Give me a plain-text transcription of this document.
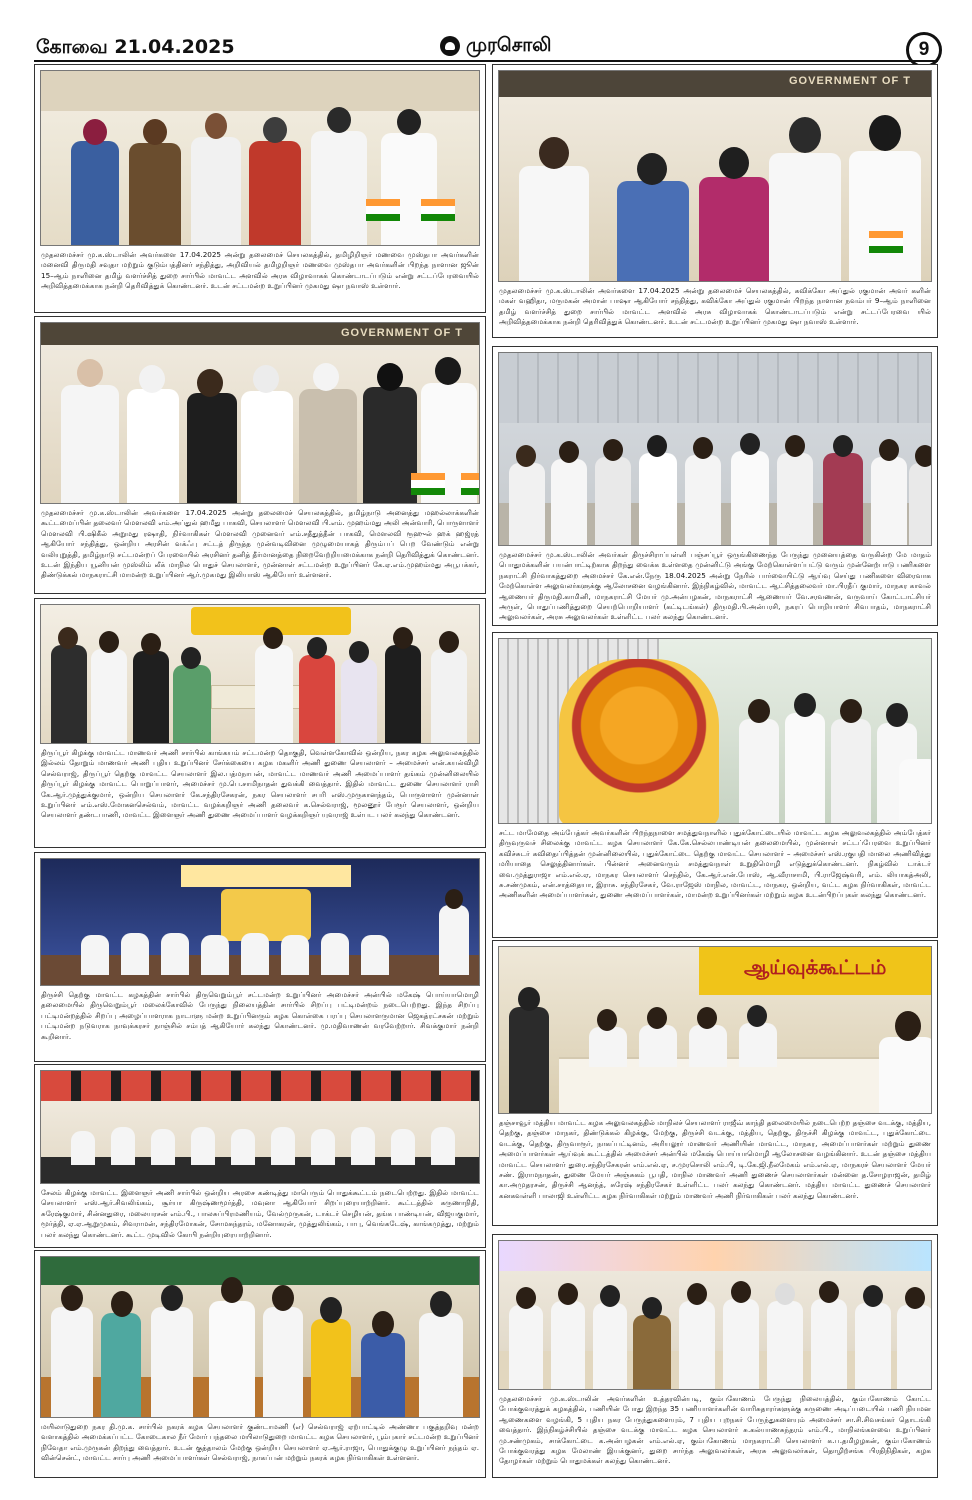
கோவை 21.04.2025	முரசொலி	9
முதலமைச்சர் மு.க.ஸ்டாலின் அவர்களை 17.04.2025 அன்று தலைமைச் செயலகத்தில், தமிழிறிஞர் மணவை முஸ்தபா அவர்களின் மனைவி திருமதி சவுதா மற்றும் குடும்பத்தினர் சந்தித்து, அறிவியல் தமிழறிஞர் மணவை முஸ்தபா அவர்களின் பிறந்த நாளான ஜூன் 15–ஆம் நாளினை தமிழ் வளர்ச்சித் துறை சார்பில் மாவட்ட அளவில் அரசு விழாவாகக் கொண்டாடப்படும் என்று சட்டப்பேரவையில் அறிவித்தமைக்காக நன்றி தெரிவித்துக் கொண்டனர். உடன் சட்டமன்ற உறுப்பினர் முகமது ஷா நவாஸ் உள்ளார்.
GOVERNMENT OF T
முதலமைச்சர் மு.க.ஸ்டாலின் அவர்களை 17.04.2025 அன்று தலைமைச் செயலகத்தில், கவிக்கோ அப்துல் ரகுமான் அவர் களின் மகள் வஹிதா, மருமகன் அமான் பாஷா ஆகியோர் சந்தித்து, கவிக்கோ அப்துல் ரகுமான் பிறந்த நாளான நவம்பர் 9–ஆம் நாளினை தமிழ் வளர்ச்சித் துறை சார்பில் மாவட்ட அளவில் அரசு விழாவாகக் கொண்டாடப்படும் என்று சட்டப்பேரவை யில் அறிவித்தமைக்காக நன்றி தெரிவித்துக் கொண்டனர். உடன் சட்டமன்ற உறுப்பினர் முகமது ஷா நவாஸ் உள்ளார்.
GOVERNMENT OF T
முதலமைச்சர் மு.க.ஸ்டாலின் அவர்களை 17.04.2025 அன்று தலைமைச் செயலகத்தில், தமிழ்நாடு அனைத்து மஹல்லாக்களின் கூட்டமைப்பின் தலைவர் மௌலவி எம்.அப்துல் ஹமீது பாகவி, செயலாளர் மௌலவி பி.எம். முஹம்மது அலி அன்வாரி, பொருளாளர் மௌலவி பி.ஷிகீல் அறுமது ரஷாதி, நிர்வாகிகள் மௌலவி முனைவர் எம்.சதீதுத்தீன் பாகவி, மௌலவி ரூஹுல் ஹக் ஹஜ்ரத் ஆகியோர் சந்தித்து, ஒன்றிய அரசின் வக்ஃபு சட்டத் திருத்த முன்வடிவினை முழுமையாகத் திரும்பப் பெற வேண்டும் என்று வலியுறுத்தி, தமிழ்நாடு சட்டமன்றப் பேரவையில் அரசினர் தனித் தீர்மானத்தை நிறைவேற்றியமைக்காக நன்றி தெரிவித்துக் கொண்டனர். உடன் இந்திய யூனியன் முஸ்லிம் லீக் மாநில பொதுச் செயலாளர், முன்னாள் சட்டமன்ற உறுப்பினர் கே.ஏ.எம்.முஹம்மது அபூபக்கர், திண்டுக்கல் மாநகராட்சி மாமன்ற உறுப்பினர் ஆர்.முகமது இலியாஸ் ஆகியோர் உள்ளனர்.
முதலமைச்சர் மு.க.ஸ்டாலின் அவர்கள் திருச்சிராப்பள்ளி பஞ்சப்பூர் ஒருங்கிணைந்த பேருந்து முனையத்தை வருகின்ற மே மாதம் பொதுமக்களின் பயன்பாட்டிற்காக திறந்து வைக்க உள்ளதை முன்னிட்டு அங்கு மேற்கொள்ளப்பட்டு வரும் முன்னேற்பாடு பணிகளை நகராட்சி நிர்வாகத்துறை அமைச்சர் கே.என்.நேரு 18.04.2025 அன்று நேரில் பார்வையிட்டு ஆய்வு செய்து பணிகளை விரைவாக மேற்கொள்ள அலுவலர்களுக்கு ஆலோசனை வழங்கினார். இந்நிகழ்வில், மாவட்ட ஆட்சித்தலைவர் மா.பிரதீப் குமார், மாநகர காவல் ஆணையர் திருமதி.காமினி, மாநகராட்சி மேயர் மு.அன்பழகன், மாநகராட்சி ஆணையர் வே.சரவணன், வருவாய் கோட்டாட்சியர் அருள், பொதுப்பணித்துறை செயற்பொறியாளர் (கட்டிடங்கள்) திருமதி.பி.அன்பரசி, நகரப் பொறியாளர் சிவபாதம், மாநகராட்சி அலுவலர்கள், அரசு அலுவலர்கள் உள்ளிட்ட பலர் கலந்து கொண்டனர்.
திருப்பூர் கிழக்கு மாவட்ட மாணவர் அணி சார்பில் காங்கயம் சட்டமன்ற தொகுதி, வெள்ளகோவில் ஒன்றிய, நகர கழக அலுவலகத்தில் இல்லம் தோறும் மாணவர் அணி புதிய உறுப்பினர் சேர்க்கையை கழக மகளிர் அணி துணை செயலாளர் – அமைச்சர் என்.கயல்விழி செல்வராஜ், திருப்பூர் தெற்கு மாவட்ட செயலாளர் இல.பத்மநாபன், மாவட்ட மாணவர் அணி அமைப்பாளர் தங்கம் முன்னிலையில் திருப்பூர் கிழக்கு மாவட்ட பொறுப்பாளர், அமைச்சர் மு.பெ.சாமிநாதன் துவக்கி வைத்தார். இதில் மாவட்ட துணை செயலாளர் ராசி கே.ஆர்.முத்துக்குமார், ஒன்றிய செயலாளர் கே.சந்திரசேகரன், நகர செயலாளர் சபரி எஸ்.முருகானந்தம், பொருளாளர் முன்னாள் உறுப்பினர் எம்.எஸ்.மோகனசெல்வம், மாவட்ட வழக்கறிஞர் அணி தலைவர் க.செல்வராஜ், மூலனூர் பேரூர் செயலாளர், ஒன்றிய செயலாளர் தண்டபாணி, மாவட்ட இளைஞர் அணி துணை அமைப்பாளர் வழக்கறிஞர் யுவராஜ் உள்பட பலர் கலந்து கொண்டனர்.
சட்ட மாமேதை அம்பேத்கர் அவர்களின் பிறந்தநாளை சமத்துவநாளில் புதுக்கோட்டையில் மாவட்ட கழக அலுவலகத்தில் அம்பேத்கர் திருவுருவச் சிலைக்கு மாவட்ட கழக செயலாளர் கே.கே.செல்லபாண்டியன் தலைமையில், முன்னாள் சட்டப்பேரவை உறுப்பினர் கவிச்சுடர் கவிதைப்பித்தன் முன்னிலையில், புதுக்கோட்டை தெற்கு மாவட்ட செயலாளர் – அமைச்சர் எஸ்.ரகுபதி மாலை அணிவித்து மரியாதை செலுத்தினார்கள். பின்னர் அனைவரும் சமத்துவநாள் உறுதிமொழி எடுத்துக்கொண்டனர். நிகழ்வில் டாக்டர் வை.முத்துராஜா எம்.எல்.ஏ, மாநகர செயலாளர் செந்தில், கே.ஆர்.என்.போஸ், ஆ.வீராசாமி, பி.ராஜேஷ்வரி, எம். லியாகத்அலி, சு.சண்முகம், என்.சாத்தையா, இராசு. சந்திரசேகர், வே.ராஜேஸ் மாநில, மாவட்ட, மாநகர, ஒன்றிய, வட்ட கழக நிர்வாகிகள், மாவட்ட அணிகளின் அமைப்பாளர்கள், துணை அமைப்பாளர்கள், மாமன்ற உறுப்பினர்கள் மற்றும் கழக உடன்பிறப்புகள் கலந்து கொண்டனர்.
திருச்சி தெற்கு மாவட்ட கழகத்தின் சார்பில் திருவெறும்பூர் சட்டமன்ற உறுப்பினர் அமைச்சர் அன்பில் மகேஷ் பொய்யாமொழி தலைமையில் திருவெறும்பூர் மலைக்கோவில் பேருந்து நிலையத்தின் சார்பில் சிறப்பு பட்டிமன்றம் நடைபெற்றது. இந்த சிறப்பு பட்டிமன்றத்தில் சிறப்பு அழைப்பாளராக நாடாளு மன்ற உறுப்பினரும் கழக கொள்கை பரப்பு செயலாளருமான ஜெகத்ரட்சகன் மற்றும் பட்டிமன்ற நடுவராக நாவுக்கரசர் நாஞ்சில் சம்பத் ஆகியோர் கலந்து கொண்டனர். மு.மதிவாணன் வரவேற்றார். சிவக்குமார் நன்றி கூறினார்.
ஆய்வுக்கூட்டம்
தஞ்சாவூர் மத்திய மாவட்ட கழக அலுவலகத்தில் மாநிலச் செயலாளர் ராஜீவ் காந்தி தலைமையில் நடைபெற்ற தஞ்சை வடக்கு, மத்திய, தெற்கு, தஞ்சை மாநகர், திண்டுக்கல் கிழக்கு, மேற்கு, திருச்சி வடக்கு, மத்திய, தெற்கு, திருச்சி கிழக்கு மாவட்ட, புதுக்கோட்டை வடக்கு, தெற்கு, திருவாரூர், நாகப்பட்டினம், அரியலூர் மாணவர் அணியின் மாவட்ட, மாநகர, அமைப்பாளர்கள் மற்றும் துணை அமைப்பாளர்கள் ஆய்வுக் கூட்டத்தில் அமைச்சர் அன்பில் மகேஷ் பொய்யாமொழி ஆலோசனை வழங்கினார். உடன் தஞ்சை மத்திய மாவட்ட செயலாளர் துரை.சந்திரசேகரன் எம்.எல்.ஏ, ச.முரசொலி எம்.பி, டி.கே.ஜி.நீலமேகம் எம்.எல்.ஏ, மாநகரச் செயலாளர் மேயர் சண். இராமநாதன், துணை மேயர் அஞ்சுகம் பூபதி, மாநில மாணவர் அணி துணைச் செயலாளர்கள் மன்னை த.சோழராஜன், தமிழ் கா.அமுதரசன், திருச்சி ஆனந்த், சுரேஷ் சந்திரசேகர் உள்ளிட்ட பலர் கலந்து கொண்டனர். மத்திய மாவட்ட துணைச் செயலாளர் கனகவள்ளி பாலாஜி உள்ளிட்ட கழக நிர்வாகிகள் மற்றும் மாணவர் அணி நிர்வாகிகள் பலர் கலந்து கொண்டனர்.
சேலம் கிழக்கு மாவட்ட இளைஞர் அணி சார்பில் ஒன்றிய அரசை கண்டித்து மாபெரும் பொதுக்கூட்டம் நடைபெற்றது. இதில் மாவட்ட செயலாளர் எஸ்.ஆர்.சிவலிங்கம், சூர்யா கிருஷ்ணமூர்த்தி, மவுனா ஆகியோர் சிறப்புரையாற்றினர். கூட்டத்தில் கருணாநிதி, சுரேஷ்குமார், சின்னதுரை, மலையரசன் எம்.பி., பாலசுப்பிரமணியம், வேல்முருகன், டாக்டர் செழியன், தங்க பாண்டியன், விஜயகுமார், மூர்த்தி, ஏ.ஏ.ஆறுமுகம், சிவராமன், சந்திரமோகன், சோமசுந்தரம், மனோகரன், முத்துலிங்கம், பாபு, வெங்கடேஷ், காங்கமுத்து, மற்றும் பலர் கலந்து கொண்டனர். கூட்ட முடிவில் கோபி நன்றியுரையாற்றினார்.
மயிலாடுதுறை நகர தி.மு.க. சார்பில் நகரக் கழக செயலாளர் குண்டாமணி (எ) செல்வராஜ் ஏற்பாட்டில் அண்ணா பகுத்தறிவு மன்ற வளாகத்தில் அமைக்கப்பட்ட கோடைகால நீர் மோர் பந்தலை மயிலாடுதுறை மாவட்ட கழக செயலாளர், பூம்புகார் சட்டமன்ற உறுப்பினர் நிவேதா எம்.முருகன் திறந்து வைத்தார். உடன் குத்தாலம் மேற்கு ஒன்றிய செயலாளர் ஏ.ஆர்.ராஜா, பொதுக்குழு உறுப்பினர் நந்தம் ஏ. வின்சென்ட், மாவட்ட சார்பு அணி அமைப்பாளர்கள் செல்வராஜ், நாகப்பன் மற்றும் நகரக் கழக நிர்வாகிகள் உள்ளனர்.
முதலமைச்சர் மு.க.ஸ்டாலின் அவர்களின் உத்தரவின்படி, கும்பகோணம் பேருந்து நிலையத்தில், கும்பகோணம் கோட்ட போக்குவரத்துக் கழகத்தில், பணியின் போது இறந்த 35 பணியாளர்களின் வாரிசுதாரர்களுக்கு கருணை அடிப்படையில் பணி நியமன ஆணைகளை வழங்கி, 5 புதிய நகர பேருந்துகளையும், 7 புதிய புறநகர் பேருந்துகளையும் அமைச்சர் சா.சி.சிவசங்கர் தொடங்கி வைத்தார். இந்நிகழ்ச்சியில் தஞ்சை வடக்கு மாவட்ட கழக செயலாளர் சு.கல்யாணசுந்தரம் எம்.பி., மாநிலங்களவை உறுப்பினர் மு.சண்முகம், சாக்கோட்டை க.அன்பழகன் எம்.எல்.ஏ, கும்பகோணம் மாநகராட்சி செயலாளர் க.ப.தமிழழகன், கும்பகோணம் போக்குவரத்து கழக மேலாண் இயக்குனர், துறை சார்ந்த அலுவலர்கள், அரசு அலுவலர்கள், தொழிற்சங்க பிரதிநிதிகள், கழக தோழர்கள் மற்றும் பொதுமக்கள் கலந்து கொண்டனர்.
